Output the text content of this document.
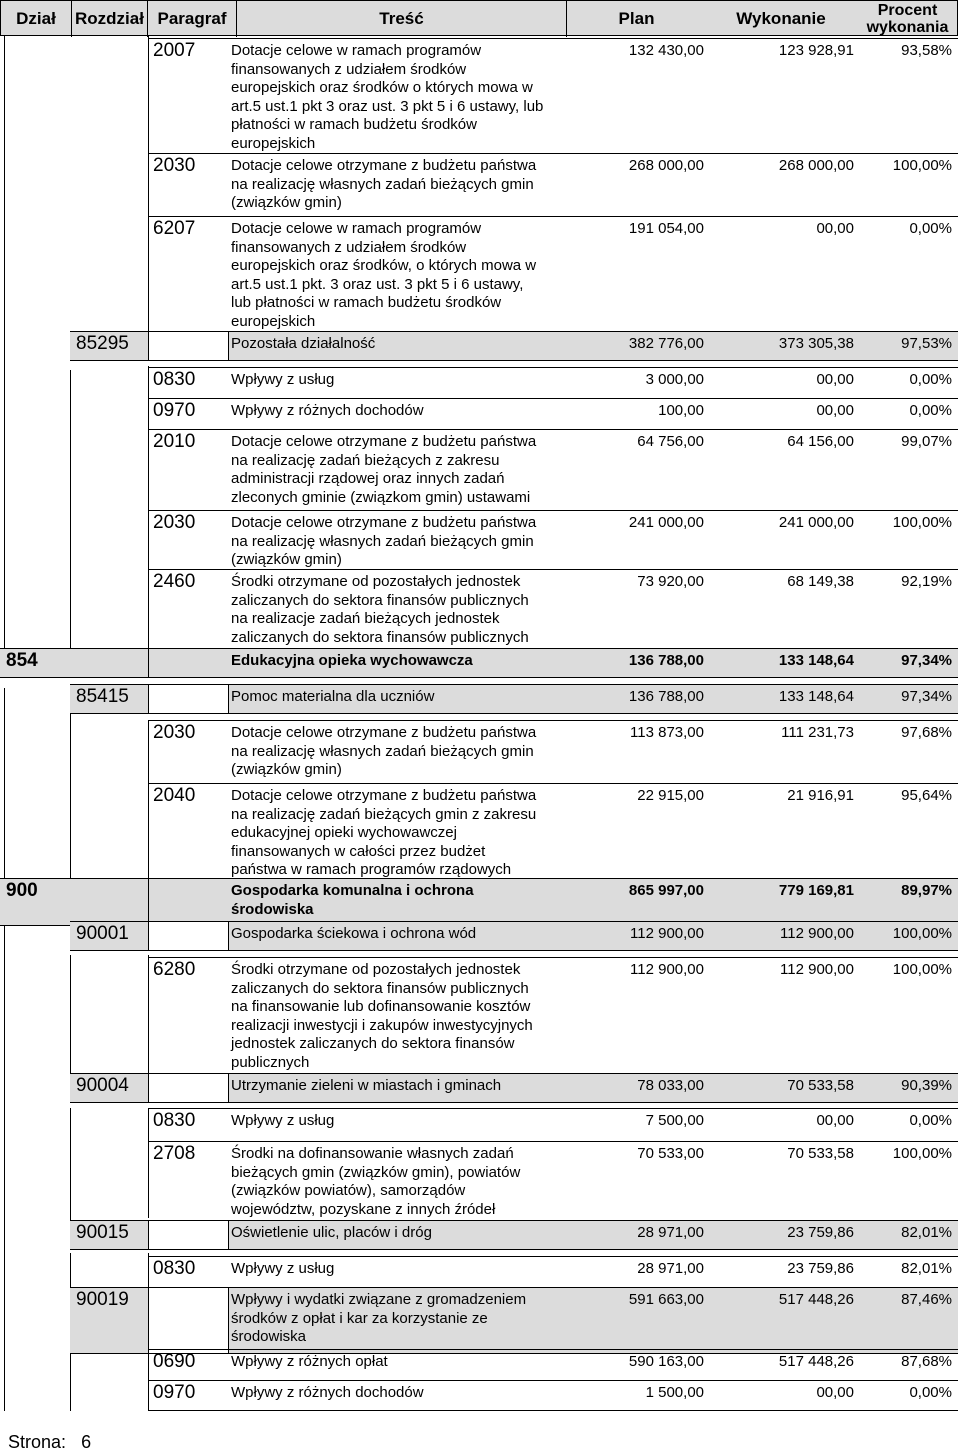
Dział	Rozdział Paragraf	Treść	Plan	Wykonanie	Procent
wykonania
2007 Dotacje celowe w ramach programów
finansowanych z udziałem środków
europejskich oraz środków o których mowa w
art.5 ust.1 pkt 3 oraz ust. 3 pkt 5 i 6 ustawy, lub
płatności w ramach budżetu środków
europejskich
132 430,00	123 928,91	93,58%
2030 Dotacje celowe otrzymane z budżetu państwa
na realizację własnych zadań bieżących gmin
(związków gmin)
268 000,00	268 000,00	100,00%
6207 Dotacje celowe w ramach programów
finansowanych z udziałem środków
europejskich oraz środków, o których mowa w
art.5 ust.1 pkt. 3 oraz ust. 3 pkt 5 i 6 ustawy,
lub płatności w ramach budżetu środków
europejskich
191 054,00	00,00	0,00%
85295	Pozostała działalność	382 776,00	373 305,38	97,53%
0830 Wpływy z usług	3 000,00	00,00	0,00%
0970 Wpływy z różnych dochodów	100,00	00,00	0,00%
2010 Dotacje celowe otrzymane z budżetu państwa
na realizację zadań bieżących z zakresu
administracji rządowej oraz innych zadań
zleconych gminie (związkom gmin) ustawami
64 756,00	64 156,00	99,07%
2030 Dotacje celowe otrzymane z budżetu państwa
na realizację własnych zadań bieżących gmin
(związków gmin)
241 000,00	241 000,00	100,00%
2460 Środki otrzymane od pozostałych jednostek
zaliczanych do sektora finansów publicznych
na realizacje zadań bieżących jednostek
zaliczanych do sektora finansów publicznych
73 920,00	68 149,38	92,19%
854	Edukacyjna opieka wychowawcza	136 788,00	133 148,64	97,34%
85415	Pomoc materialna dla uczniów	136 788,00	133 148,64	97,34%
2030 Dotacje celowe otrzymane z budżetu państwa
na realizację własnych zadań bieżących gmin
(związków gmin)
113 873,00	111 231,73	97,68%
2040 Dotacje celowe otrzymane z budżetu państwa
na realizację zadań bieżących gmin z zakresu
edukacyjnej opieki wychowawczej
finansowanych w całości przez budżet
państwa w ramach programów rządowych
22 915,00	21 916,91	95,64%
900	Gospodarka komunalna i ochrona
środowiska
865 997,00	779 169,81	89,97%
90001	Gospodarka ściekowa i ochrona wód	112 900,00	112 900,00	100,00%
6280 Środki otrzymane od pozostałych jednostek
zaliczanych do sektora finansów publicznych
na finansowanie lub dofinansowanie kosztów
realizacji inwestycji i zakupów inwestycyjnych
jednostek zaliczanych do sektora finansów
publicznych
112 900,00	112 900,00	100,00%
90004	Utrzymanie zieleni w miastach i gminach	78 033,00	70 533,58	90,39%
0830 Wpływy z usług	7 500,00	00,00	0,00%
2708 Środki na dofinansowanie własnych zadań
bieżących gmin (związków gmin), powiatów
(związków powiatów), samorządów
województw, pozyskane z innych źródeł
70 533,00	70 533,58	100,00%
90015	Oświetlenie ulic, placów i dróg	28 971,00	23 759,86	82,01%
0830 Wpływy z usług	28 971,00	23 759,86	82,01%
90019	Wpływy i wydatki związane z gromadzeniem
środków z opłat i kar za korzystanie ze
środowiska
591 663,00	517 448,26	87,46%
0690 Wpływy z różnych opłat	590 163,00	517 448,26	87,68%
0970 Wpływy z różnych dochodów	1 500,00	00,00	0,00%
Strona: 6
